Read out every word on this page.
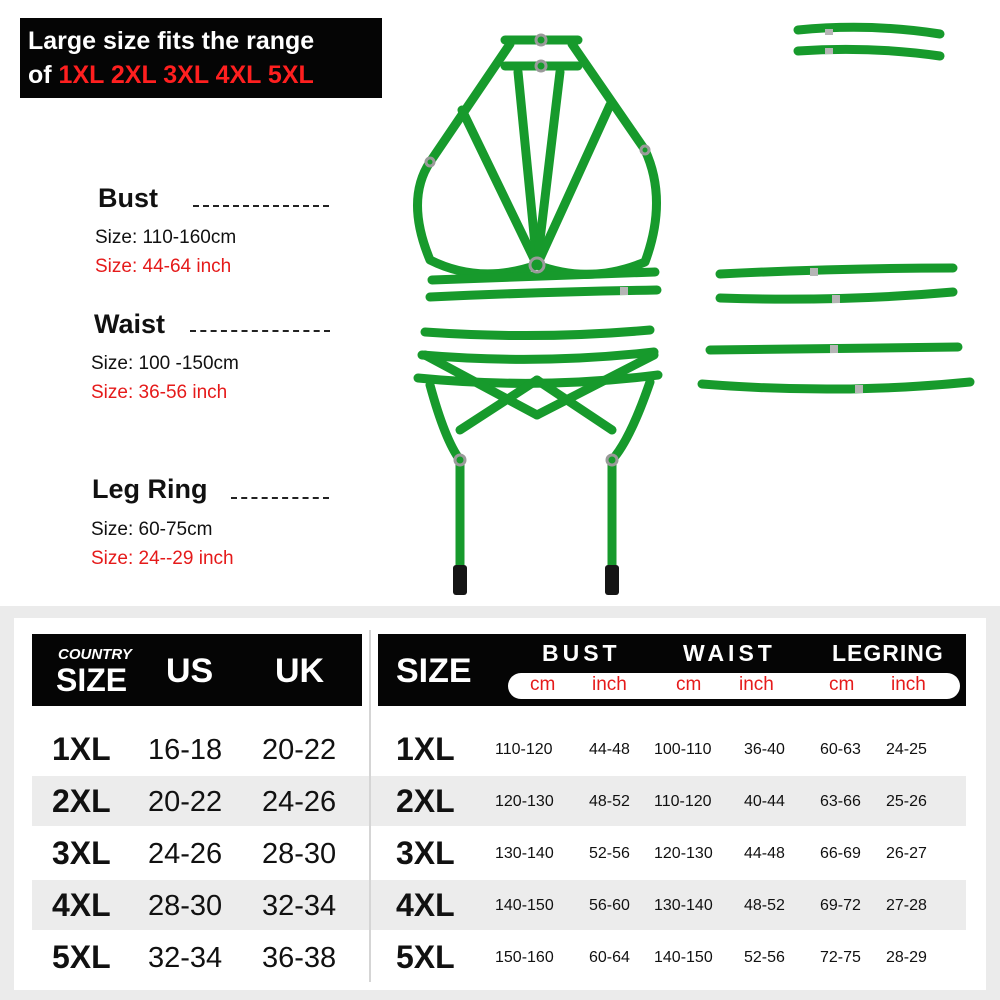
Large size fits the range
of 1XL 2XL 3XL 4XL 5XL
Bust
Size: 110-160cm
Size: 44-64 inch
Waist
Size: 100 -150cm
Size: 36-56 inch
Leg Ring
Size: 60-75cm
Size: 24--29 inch
COUNTRY
SIZE US UK SIZE	BUST	WAIST LEGRING
cm inch	cm inch	cm inch
1XL 16-18 20-22 1XL	110-120 44-48 100-110 36-40 60-63 24-25
2XL 20-22 24-26 2XL	120-130 48-52 110-120 40-44 63-66 25-26
3XL 24-26 28-30 3XL	130-140 52-56 120-130 44-48 66-69 26-27
4XL 28-30 32-34 4XL	140-150 56-60 130-140 48-52 69-72 27-28
5XL 32-34 36-38 5XL	150-160 60-64 140-150 52-56 72-75 28-29
